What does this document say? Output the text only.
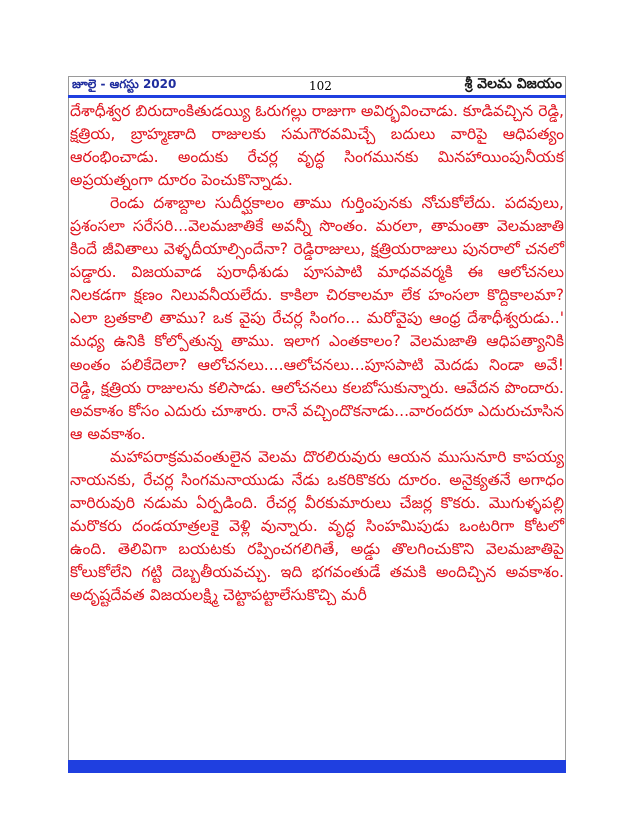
జూలై - ఆగస్టు 2020	102	శ్రీ వెలమ విజయం

దేశాధీశ్వర బిరుదాంకితుడయ్యి ఓరుగల్లు రాజుగా అవిర్భవించాడు. కూడివచ్చిన రెడ్డి, క్షత్రియ, బ్రాహ్మణాది రాజులకు సమగౌరవమిచ్చే బదులు వారిపై ఆధిపత్యం ఆరంభించాడు. అందుకు రేచర్ల వృద్ధ సింగమునకు మినహాయింపునీయక అప్రయత్నంగా దూరం పెంచుకొన్నాడు.

రెండు దశాబ్దాల సుదీర్ఘకాలం తాము గుర్తింపునకు నోచుకోలేదు. పదవులు, ప్రశంసలా సరేసరి...వెలమజాతికే అవన్నీ సొంతం. మరలా, తామంతా వెలమజాతి కిందే జీవితాలు వెళ్ళదీయాల్సిందేనా? రెడ్డిరాజులు, క్షత్రియరాజులు పునరాలో చనలో పడ్డారు. విజయవాడ పురాధీశుడు పూసపాటి మాధవవర్మకి ఈ ఆలోచనలు నిలకడగా క్షణం నిలువనీయలేదు. కాకిలా చిరకాలమా లేక హంసలా కొద్దికాలమా? ఎలా బ్రతకాలి తాము? ఒక వైపు రేచర్ల సింగం... మరోవైపు ఆంధ్ర దేశాధీశ్వరుడు..' మధ్య ఉనికి కోల్పోతున్న తాము. ఇలాగ ఎంతకాలం? వెలమజాతి ఆధిపత్యానికి అంతం పలికేదెలా? ఆలోచనలు....ఆలోచనలు...పూసపాటి మెదడు నిండా అవే! రెడ్డి, క్షత్రియ రాజులను కలిసాడు. ఆలోచనలు కలబోసుకున్నారు. ఆవేదన పొందారు. అవకాశం కోసం ఎదురు చూశారు. రానే వచ్చిందొకనాడు...వారందరూ ఎదురుచూసిన ఆ అవకాశం.

మహాపరాక్రమవంతులైన వెలమ దొరలిరువురు ఆయన ముసునూరి కాపయ్య నాయనకు, రేచర్ల సింగమనాయుడు నేడు ఒకరికొకరు దూరం. అనైక్యతనే అగాధం వారిరువురి నడుమ ఏర్పడింది. రేచర్ల వీరకుమారులు చేజర్ల కొకరు. మొగుళ్ళపల్లి మరొకరు దండయాత్రలకై వెళ్లి వున్నారు. వృద్ధ సింహమిపుడు ఒంటరిగా కోటలో ఉంది. తెలివిగా బయటకు రప్పించగలిగితే, అడ్డు తొలగించుకొని వెలమజాతిపై కోలుకోలేని గట్టి దెబ్బతీయవచ్చు. ఇది భగవంతుడే తమకి అందిచ్చిన అవకాశం. అదృష్టదేవత విజయలక్ష్మి చెట్టాపట్టాలేసుకొచ్చి మరీ
